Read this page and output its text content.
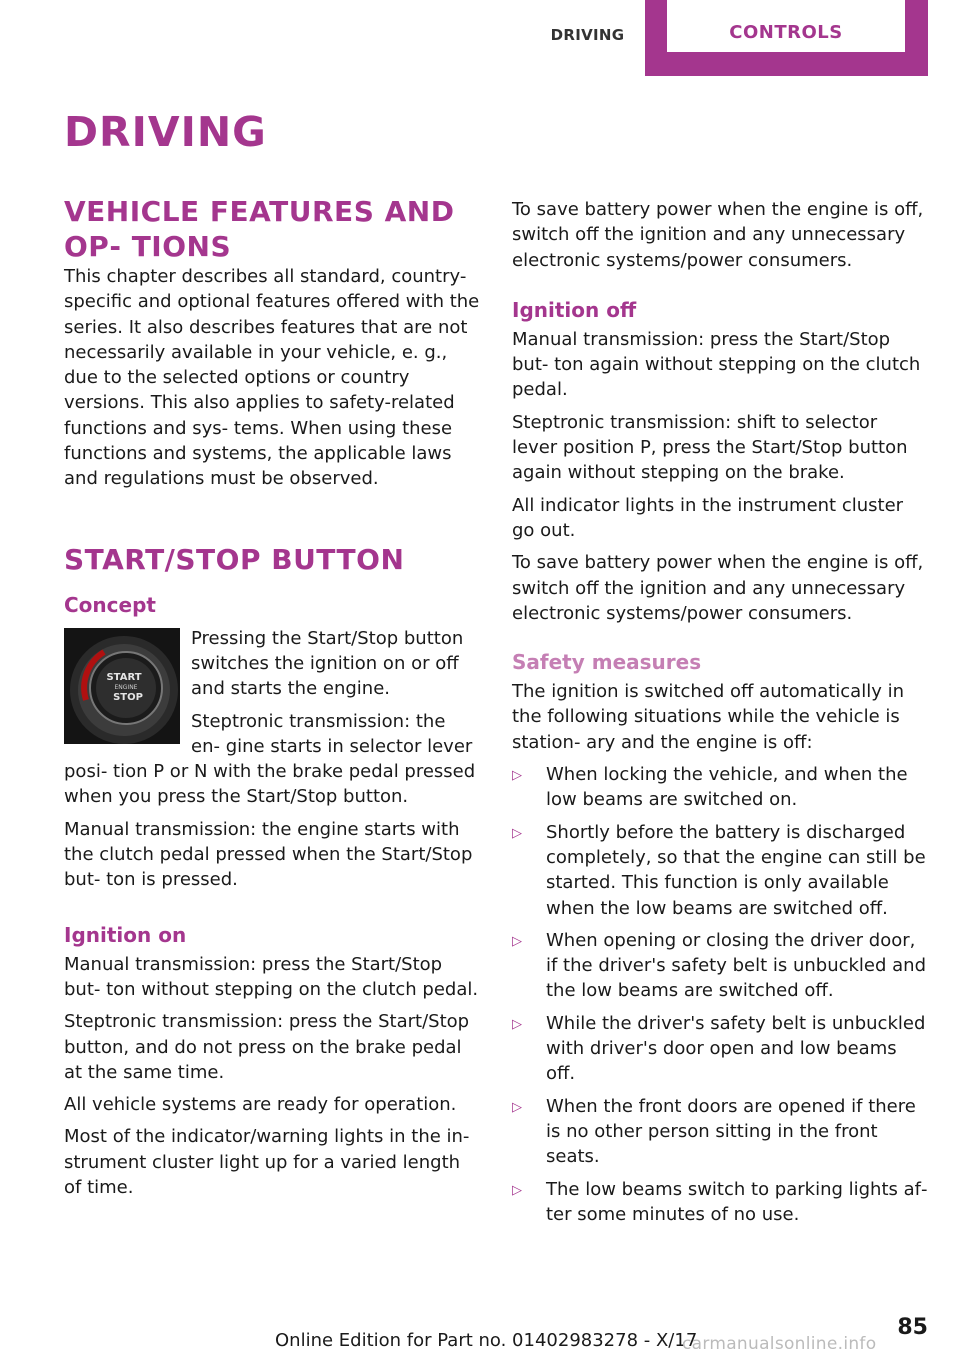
DRIVING	CONTROLS
DRIVING
VEHICLE FEATURES AND OP‐ TIONS

This chapter describes all standard, country-specific and optional features offered with the series. It also describes features that are not necessarily available in your vehicle, e. g., due to the selected options or country versions. This also applies to safety-related functions and sys‐ tems. When using these functions and systems, the applicable laws and regulations must be observed.

START/STOP BUTTON
Concept
START
ENGINE
STOP

Pressing the Start/Stop button switches the ignition on or off and starts the engine.

Steptronic transmission: the en‐ gine starts in selector lever posi‐ tion P or N with the brake pedal pressed when you press the Start/Stop button.

Manual transmission: the engine starts with the clutch pedal pressed when the Start/Stop but‐ ton is pressed.

Ignition on

Manual transmission: press the Start/Stop but‐ ton without stepping on the clutch pedal.

Steptronic transmission: press the Start/Stop button, and do not press on the brake pedal at the same time.

All vehicle systems are ready for operation.

Most of the indicator/warning lights in the in‐ strument cluster light up for a varied length of time.

To save battery power when the engine is off, switch off the ignition and any unnecessary electronic systems/power consumers.

Ignition off

Manual transmission: press the Start/Stop but‐ ton again without stepping on the clutch pedal.

Steptronic transmission: shift to selector lever position P, press the Start/Stop button again without stepping on the brake.

All indicator lights in the instrument cluster go out.

To save battery power when the engine is off, switch off the ignition and any unnecessary electronic systems/power consumers.

Safety measures

The ignition is switched off automatically in the following situations while the vehicle is station‐ ary and the engine is off:

▷ When locking the vehicle, and when the low beams are switched on.
▷ Shortly before the battery is discharged completely, so that the engine can still be started. This function is only available when the low beams are switched off.
▷ When opening or closing the driver door, if the driver's safety belt is unbuckled and the low beams are switched off.
▷ While the driver's safety belt is unbuckled with driver's door open and low beams off.
▷ When the front doors are opened if there is no other person sitting in the front seats.
▷ The low beams switch to parking lights af‐ ter some minutes of no use.
Online Edition for Part no. 01402983278 - X/17
85
carmanualsonline.info
